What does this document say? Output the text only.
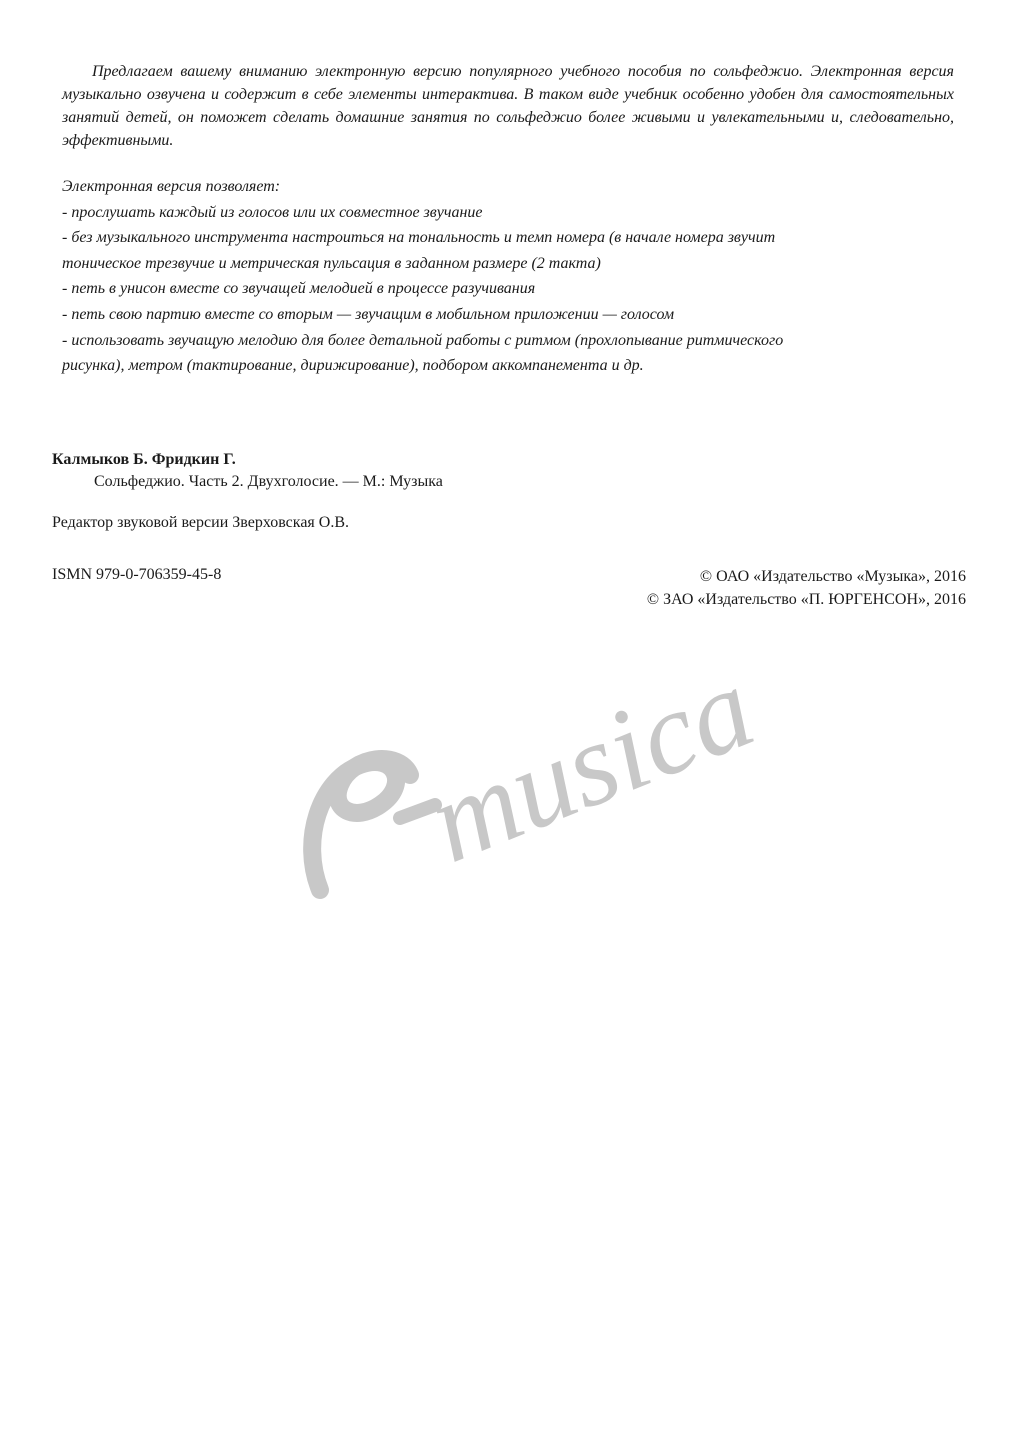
Предлагаем вашему вниманию электронную версию популярного учебного пособия по сольфеджио. Электронная версия музыкально озвучена и содержит в себе элементы интерактива. В таком виде учебник особенно удобен для самостоятельных занятий детей, он поможет сделать домашние занятия по сольфеджио более живыми и увлекательными и, следовательно, эффективными.

Электронная версия позволяет:
- прослушать каждый из голосов или их совместное звучание
- без музыкального инструмента настроиться на тональность и темп номера (в начале номера звучит
тоническое трезвучие и метрическая пульсация в заданном размере (2 такта)
- петь в унисон вместе со звучащей мелодией в процессе разучивания
- петь свою партию вместе со вторым — звучащим в мобильном приложении — голосом
- использовать звучащую мелодию для более детальной работы с ритмом (прохлопывание ритмического
рисунка), метром (тактирование, дирижирование), подбором аккомпанемента и др.
Калмыков Б. Фридкин Г.
Сольфеджио. Часть 2. Двухголосие. — М.: Музыка
Редактор звуковой версии Зверховская О.В.
ISMN 979-0-706359-45-8	© ОАО «Издательство «Музыка», 2016
© ЗАО «Издательство «П. ЮРГЕНСОН», 2016
musica
